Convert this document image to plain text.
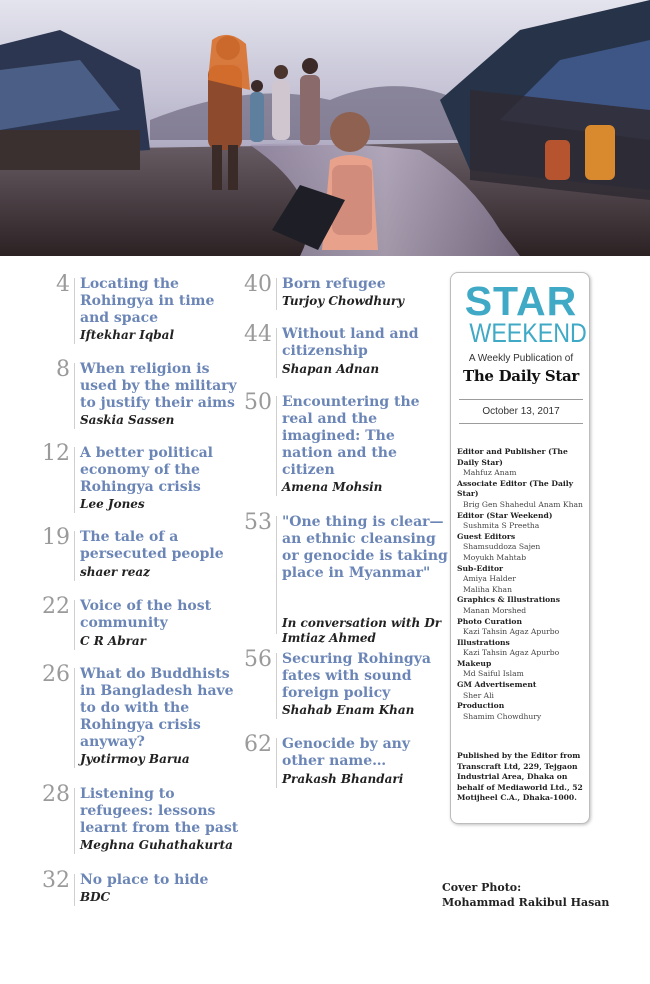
4 Locating the Rohingya in time and space
Iftekhar Iqbal
8 When religion is used by the military to justify their aims
Saskia Sassen
12 A better political economy of the Rohingya crisis
Lee Jones
19 The tale of a persecuted people
shaer reaz
22 Voice of the host community
C R Abrar
26 What do Buddhists in Bangladesh have to do with the Rohingya crisis anyway?
Jyotirmoy Barua
28 Listening to refugees: lessons learnt from the past
Meghna Guhathakurta
32 No place to hide
BDC
40 Born refugee
Turjoy Chowdhury
44 Without land and citizenship
Shapan Adnan
50 Encountering the real and the imagined: The nation and the citizen
Amena Mohsin
53 "One thing is clear—an ethnic cleansing or genocide is taking place in Myanmar"
In conversation with Dr Imtiaz Ahmed
56 Securing Rohingya fates with sound foreign policy
Shahab Enam Khan
62 Genocide by any other name…
Prakash Bhandari
STAR
WEEKEND
A Weekly Publication of
The Daily Star
October 13, 2017
Editor and Publisher (The Daily Star)
Mahfuz Anam
Associate Editor (The Daily Star)
Brig Gen Shahedul Anam Khan
Editor (Star Weekend)
Sushmita S Preetha
Guest Editors
Shamsuddoza Sajen
Moyukh Mahtab
Sub-Editor
Amiya Halder
Maliha Khan
Graphics & Illustrations
Manan Morshed
Photo Curation
Kazi Tahsin Agaz Apurbo
Illustrations
Kazi Tahsin Agaz Apurbo
Makeup
Md Saiful Islam
GM Advertisement
Sher Ali
Production
Shamim Chowdhury
Published by the Editor from Transcraft Ltd, 229, Tejgaon Industrial Area, Dhaka on behalf of Mediaworld Ltd., 52 Motijheel C.A., Dhaka-1000.
Cover Photo:
Mohammad Rakibul Hasan
